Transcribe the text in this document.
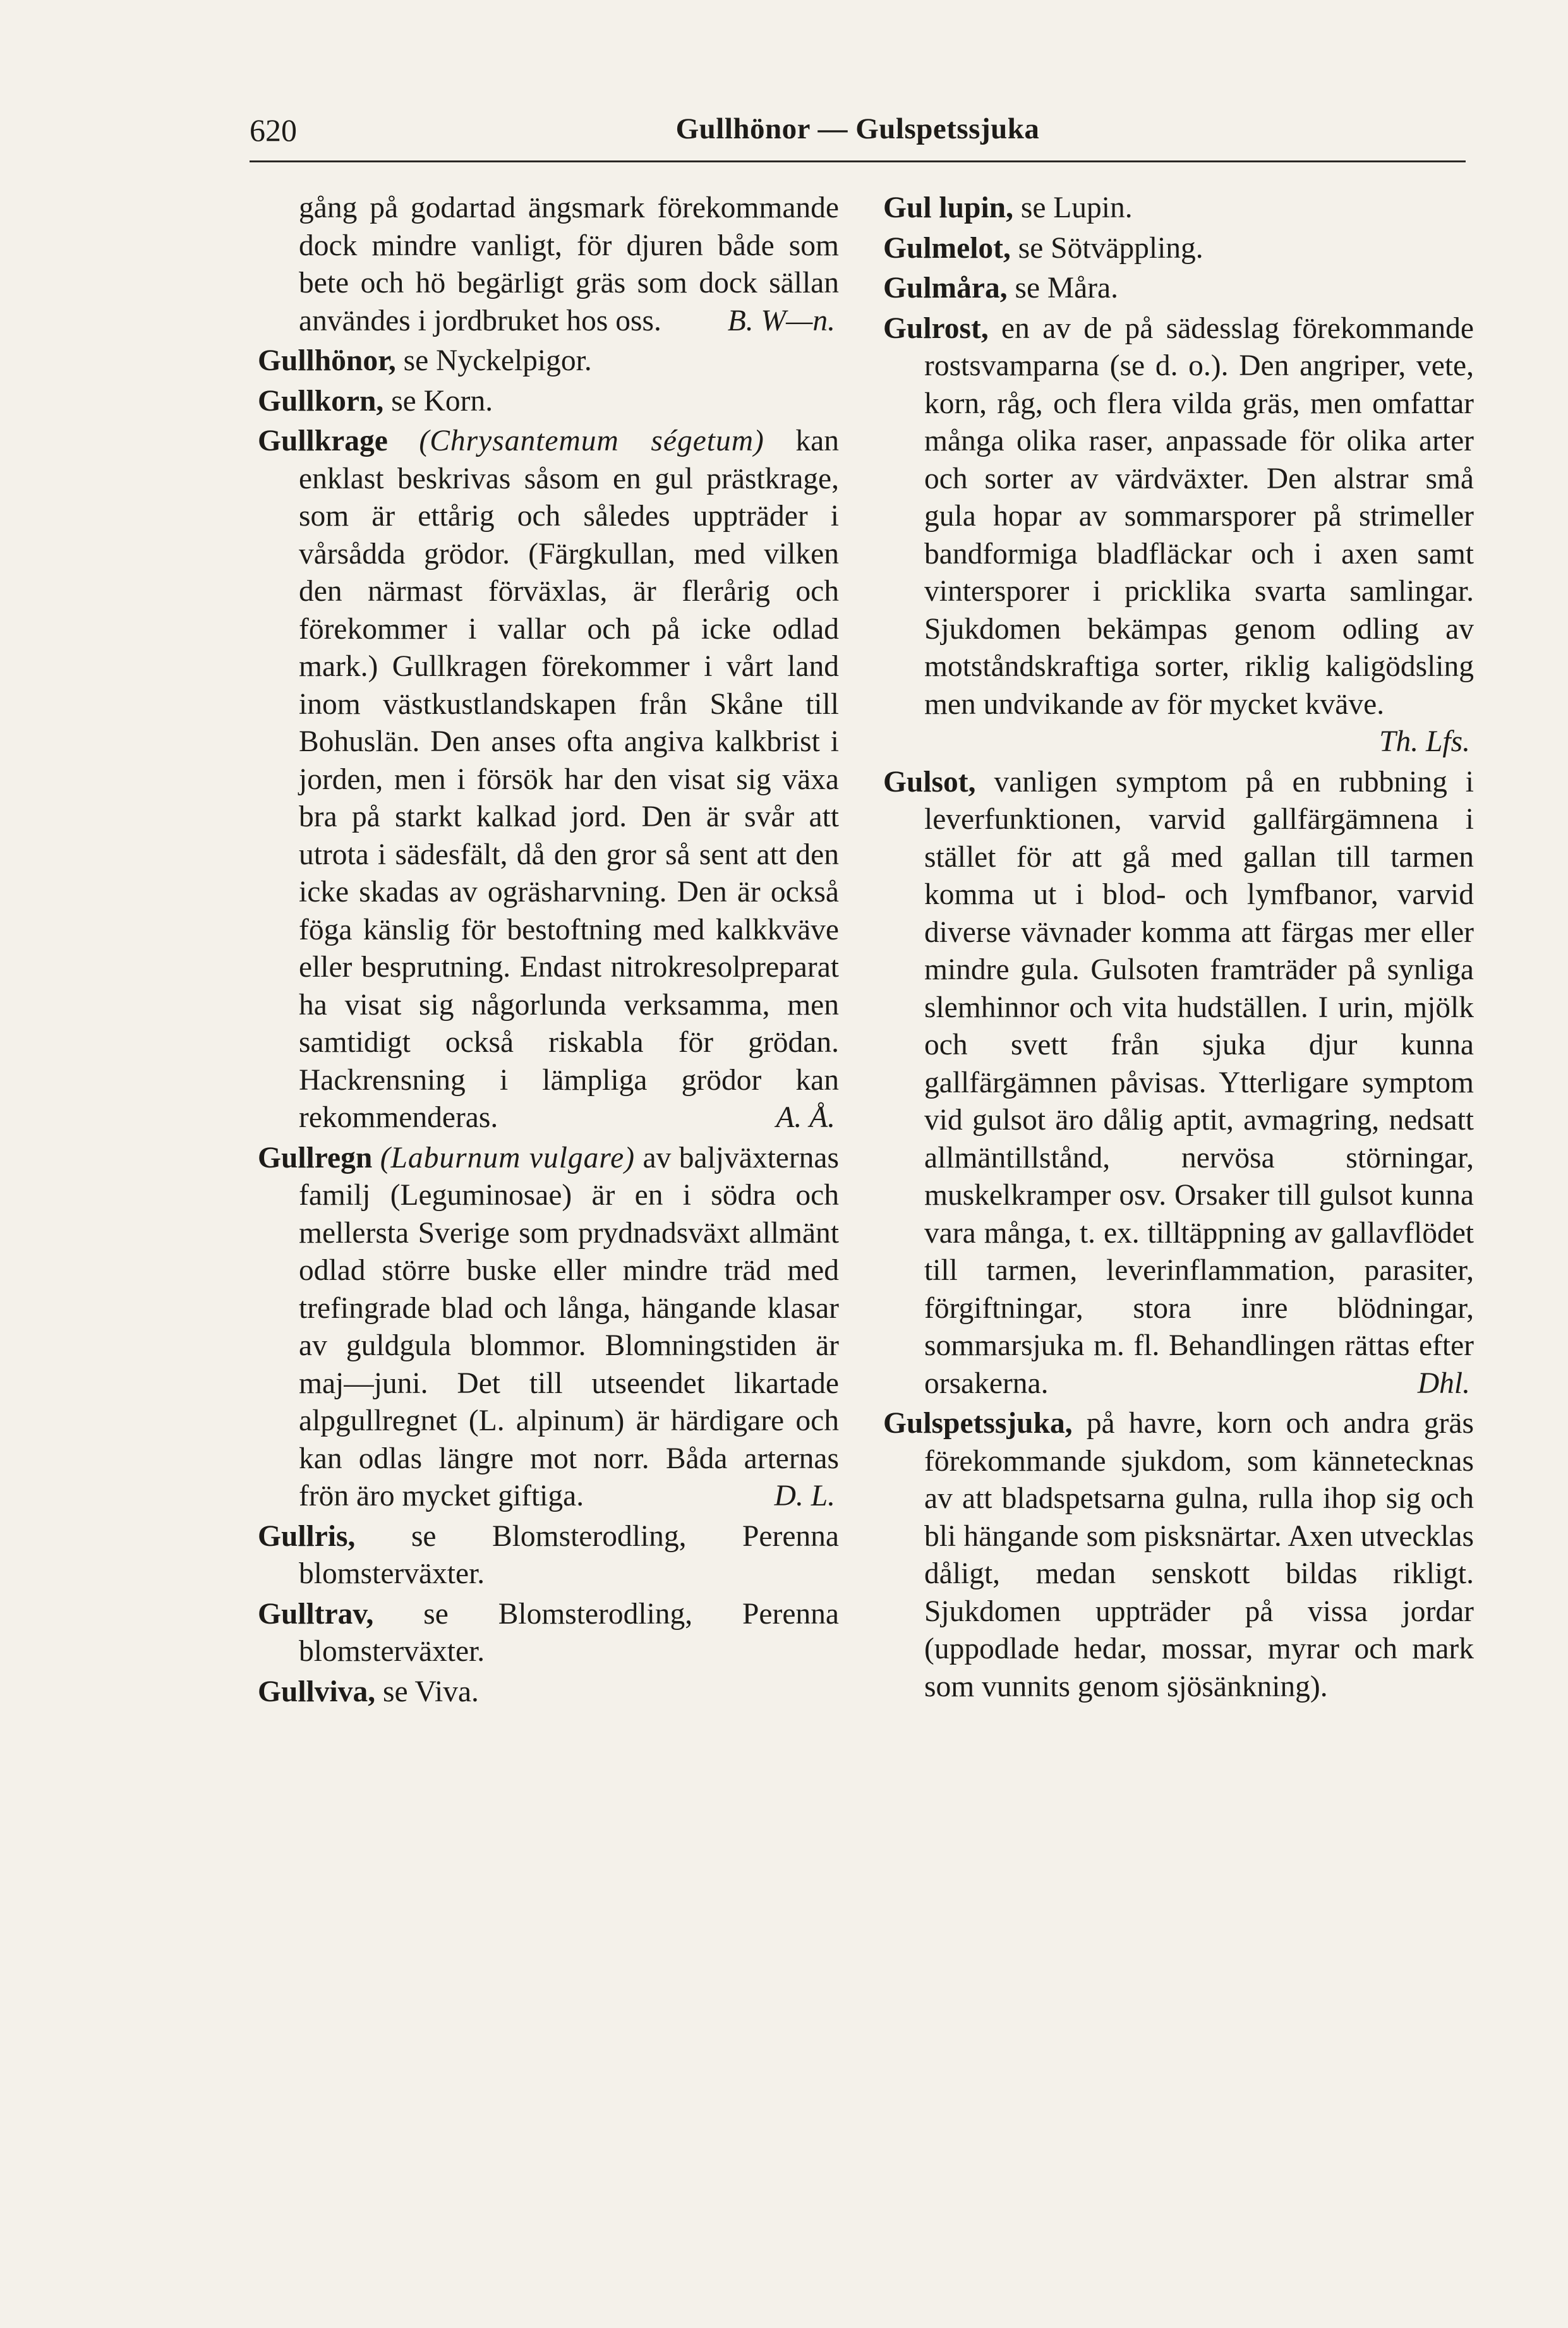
620	Gullhönor — Gulspetssjuka
gång på godartad ängsmark förekommande dock mindre vanligt, för djuren både som bete och hö begärligt gräs som dock sällan användes i jordbruket hos oss. B. W—n.
Gullhönor, se Nyckelpigor.
Gullkorn, se Korn.
Gullkrage (Chrysantemum ségetum) kan enklast beskrivas såsom en gul prästkrage, som är ettårig och således uppträder i vårsådda grödor. (Färgkullan, med vilken den närmast förväxlas, är flerårig och förekommer i vallar och på icke odlad mark.) Gullkragen förekommer i vårt land inom västkustlandskapen från Skåne till Bohuslän. Den anses ofta angiva kalkbrist i jorden, men i försök har den visat sig växa bra på starkt kalkad jord. Den är svår att utrota i sädesfält, då den gror så sent att den icke skadas av ogräsharvning. Den är också föga känslig för bestoftning med kalkkväve eller besprutning. Endast nitrokresolpreparat ha visat sig någorlunda verksamma, men samtidigt också riskabla för grödan. Hackrensning i lämpliga grödor kan rekommenderas.	A. Å.
Gullregn (Laburnum vulgare) av baljväxternas familj (Leguminosae) är en i södra och mellersta Sverige som prydnadsväxt allmänt odlad större buske eller mindre träd med trefingrade blad och långa, hängande klasar av guldgula blommor. Blomningstiden är maj—juni. Det till utseendet likartade alpgullregnet (L. alpinum) är härdigare och kan odlas längre mot norr. Båda arternas frön äro mycket giftiga.	D. L.
Gullris, se Blomsterodling, Perenna blomsterväxter.
Gulltrav, se Blomsterodling, Perenna blomsterväxter.
Gullviva, se Viva.
Gul lupin, se Lupin.
Gulmelot, se Sötväppling.
Gulmåra, se Måra.
Gulrost, en av de på sädesslag förekommande rostsvamparna (se d. o.). Den angriper, vete, korn, råg, och flera vilda gräs, men omfattar många olika raser, anpassade för olika arter och sorter av värdväxter. Den alstrar små gula hopar av sommarsporer på strimeller bandformiga bladfläckar och i axen samt vintersporer i pricklika svarta samlingar. Sjukdomen bekämpas genom odling av motståndskraftiga sorter, riklig kaligödsling men undvikande av för mycket kväve.
Th. Lfs.
Gulsot, vanligen symptom på en rubbning i leverfunktionen, varvid gallfärgämnena i stället för att gå med gallan till tarmen komma ut i blod- och lymfbanor, varvid diverse vävnader komma att färgas mer eller mindre gula. Gulsoten framträder på synliga slemhinnor och vita hudställen. I urin, mjölk och svett från sjuka djur kunna gallfärgämnen påvisas. Ytterligare symptom vid gulsot äro dålig aptit, avmagring, nedsatt allmäntillstånd, nervösa störningar, muskelkramper osv. Orsaker till gulsot kunna vara många, t. ex. tilltäppning av gallavflödet till tarmen, leverinflammation, parasiter, förgiftningar, stora inre blödningar, sommarsjuka m. fl. Behandlingen rättas efter orsakerna.	Dhl.
Gulspetssjuka, på havre, korn och andra gräs förekommande sjukdom, som kännetecknas av att bladspetsarna gulna, rulla ihop sig och bli hängande som pisksnärtar. Axen utvecklas dåligt, medan senskott bildas rikligt. Sjukdomen uppträder på vissa jordar (uppodlade hedar, mossar, myrar och mark som vunnits genom sjösänkning).
